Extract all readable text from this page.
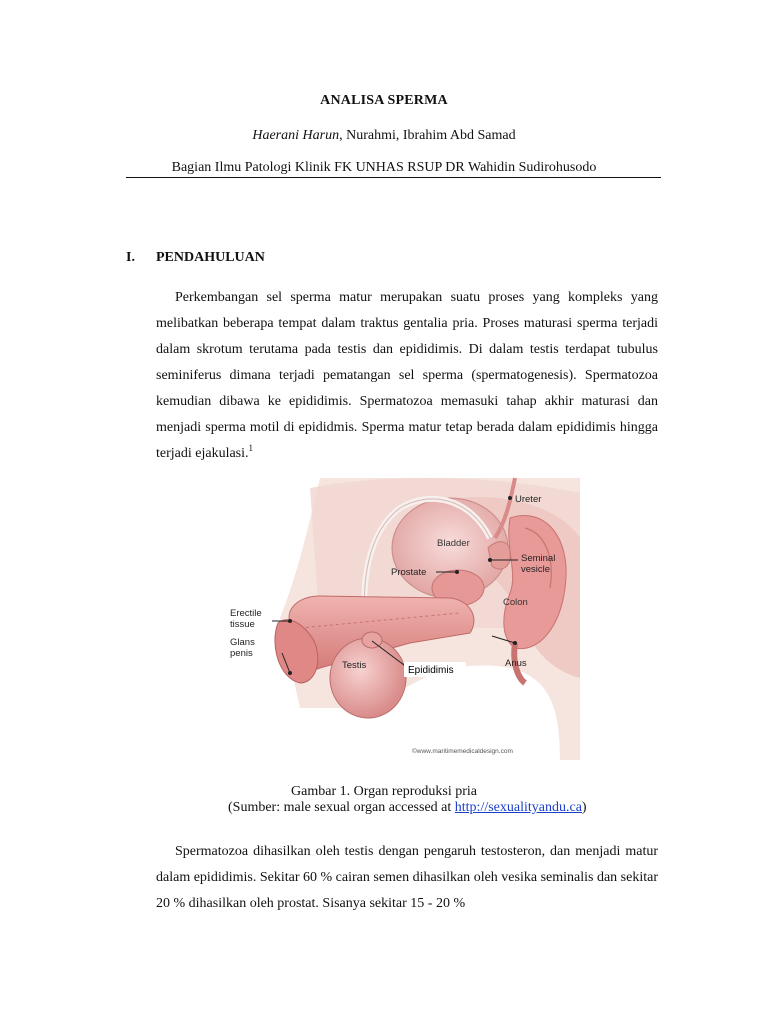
ANALISA SPERMA
Haerani Harun, Nurahmi, Ibrahim Abd Samad
Bagian Ilmu Patologi Klinik FK UNHAS RSUP DR Wahidin Sudirohusodo
I. PENDAHULUAN
Perkembangan sel sperma matur merupakan suatu proses yang kompleks yang melibatkan beberapa tempat dalam traktus gentalia pria. Proses maturasi sperma terjadi dalam skrotum terutama pada testis dan epididimis. Di dalam testis terdapat tubulus seminiferus dimana terjadi pematangan sel sperma (spermatogenesis). Spermatozoa kemudian dibawa ke epididimis. Spermatozoa memasuki tahap akhir maturasi dan menjadi sperma motil di epididmis. Sperma matur tetap berada dalam epididimis hingga terjadi ejakulasi.$^1$
Ureter
Bladder
Seminal
vesicle
Prostate
Colon
Erectile
tissue
Glans
penis
Testis	Epididimis
Anus
©www.maritimemedicaldesign.com
Gambar 1. Organ reproduksi pria
(Sumber: male sexual organ accessed at http://sexualityandu.ca)
Spermatozoa dihasilkan oleh testis dengan pengaruh testosteron, dan menjadi matur dalam epididimis. Sekitar 60 % cairan semen dihasilkan oleh vesika seminalis dan sekitar 20 % dihasilkan oleh prostat. Sisanya sekitar 15 - 20 %
